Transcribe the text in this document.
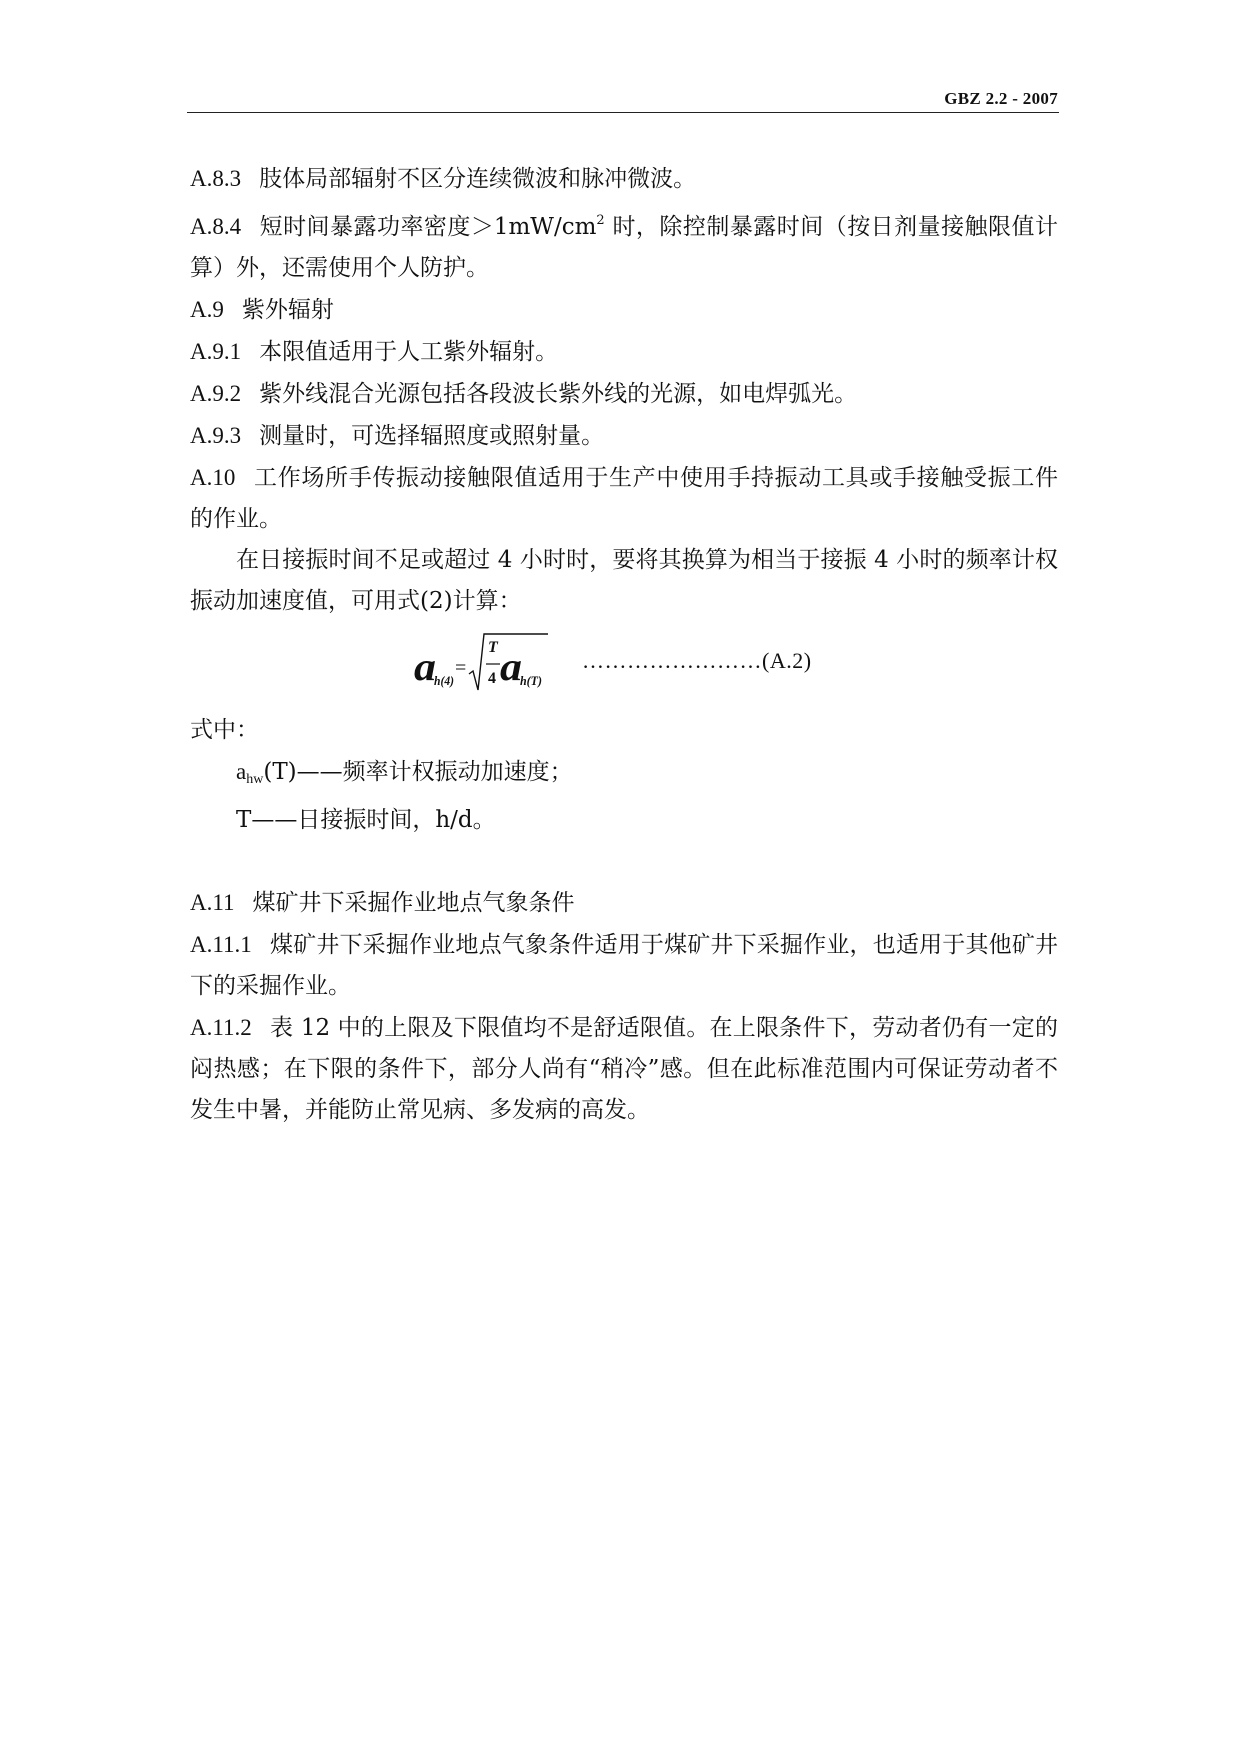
GBZ 2.2 - 2007

A.8.3 肢体局部辐射不区分连续微波和脉冲微波。

A.8.4 短时间暴露功率密度$>1mW/cm^2$ 时，除控制暴露时间（按日剂量接触限值计算）外，还需使用个人防护。

A.9 紫外辐射

A.9.1 本限值适用于人工紫外辐射。

A.9.2 紫外线混合光源包括各段波长紫外线的光源，如电焊弧光。

A.9.3 测量时，可选择辐照度或照射量。

A.10 工作场所手传振动接触限值适用于生产中使用手持振动工具或手接触受振工件的作业。

在日接振时间不足或超过 4 小时时，要将其换算为相当于接振 4 小时的频率计权振动加速度值，可用式(2)计算：

a
h(4)
=
T
4 a
h(T)
……………………(A.2)

式中：

$a_{hw}(T)——$频率计权振动加速度；

T——日接振时间，h/d。

A.11 煤矿井下采掘作业地点气象条件

A.11.1 煤矿井下采掘作业地点气象条件适用于煤矿井下采掘作业，也适用于其他矿井下的采掘作业。

A.11.2 表 12 中的上限及下限值均不是舒适限值。在上限条件下，劳动者仍有一定的闷热感；在下限的条件下，部分人尚有“稍冷”感。但在此标准范围内可保证劳动者不发生中暑，并能防止常见病、多发病的高发。
